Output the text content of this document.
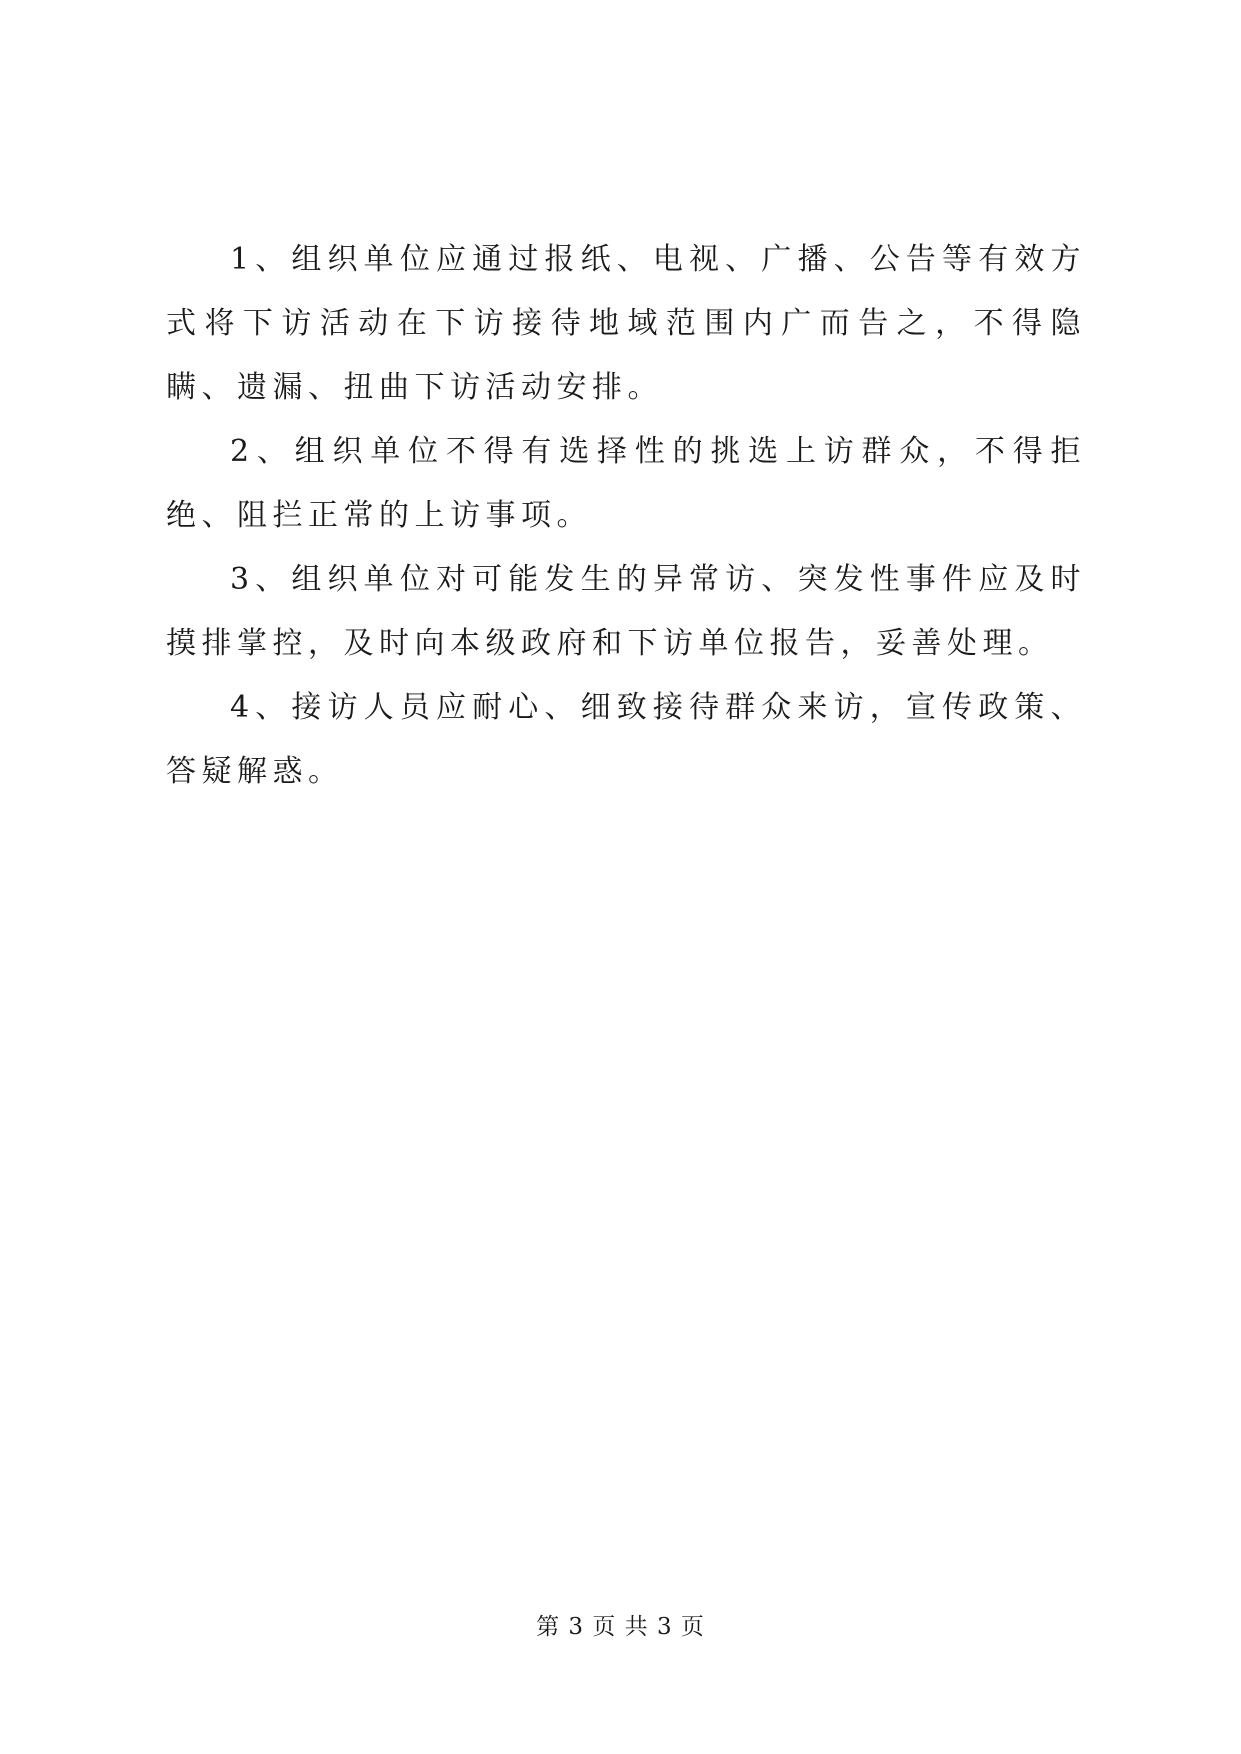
1、组织单位应通过报纸、电视、广播、公告等有效方式将下访活动在下访接待地域范围内广而告之，不得隐瞒、遗漏、扭曲下访活动安排。

2、组织单位不得有选择性的挑选上访群众，不得拒绝、阻拦正常的上访事项。

3、组织单位对可能发生的异常访、突发性事件应及时摸排掌控，及时向本级政府和下访单位报告，妥善处理。

4、接访人员应耐心、细致接待群众来访，宣传政策、答疑解惑。

第 3 页 共 3 页
